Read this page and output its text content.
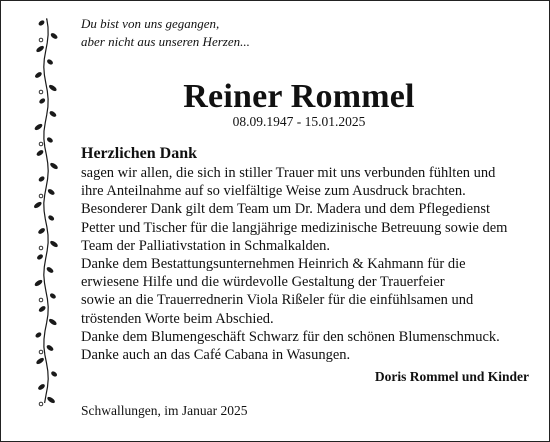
Du bist von uns gegangen,
aber nicht aus unseren Herzen...
Reiner Rommel
08.09.1947 - 15.01.2025
Herzlichen Dank
sagen wir allen, die sich in stiller Trauer mit uns verbunden fühlten und
ihre Anteilnahme auf so vielfältige Weise zum Ausdruck brachten.
Besonderer Dank gilt dem Team um Dr. Madera und dem Pflegedienst
Petter und Tischer für die langjährige medizinische Betreuung sowie dem
Team der Palliativstation in Schmalkalden.
Danke dem Bestattungsunternehmen Heinrich & Kahmann für die
erwiesene Hilfe und die würdevolle Gestaltung der Trauerfeier
sowie an die Trauerrednerin Viola Rißeler für die einfühlsamen und
tröstenden Worte beim Abschied.
Danke dem Blumengeschäft Schwarz für den schönen Blumenschmuck.
Danke auch an das Café Cabana in Wasungen.
Doris Rommel und Kinder
Schwallungen, im Januar 2025
